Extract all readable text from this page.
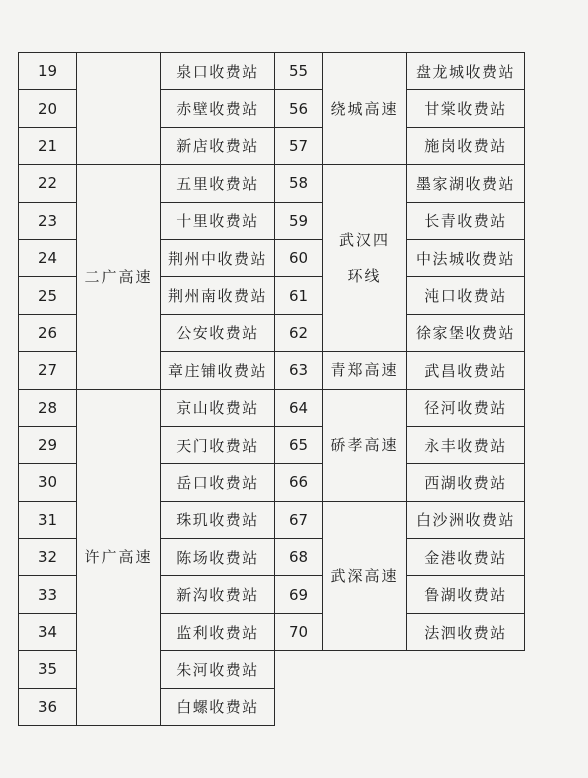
19		泉口收费站	55	绕城高速	盘龙城收费站
20		赤壁收费站	56		甘棠收费站
21		新店收费站	57		施岗收费站
22	二广高速	五里收费站	58	武汉四环线	墨家湖收费站
23		十里收费站	59		长青收费站
24		荆州中收费站	60		中法城收费站
25		荆州南收费站	61		沌口收费站
26		公安收费站	62		徐家堡收费站
27		章庄铺收费站	63	青郑高速	武昌收费站
28	许广高速	京山收费站	64	硚孝高速	径河收费站
29		天门收费站	65		永丰收费站
30		岳口收费站	66		西湖收费站
31		珠玑收费站	67	武深高速	白沙洲收费站
32		陈场收费站	68		金港收费站
33		新沟收费站	69		鲁湖收费站
34		监利收费站	70		法泗收费站
35		朱河收费站			
36		白螺收费站			
